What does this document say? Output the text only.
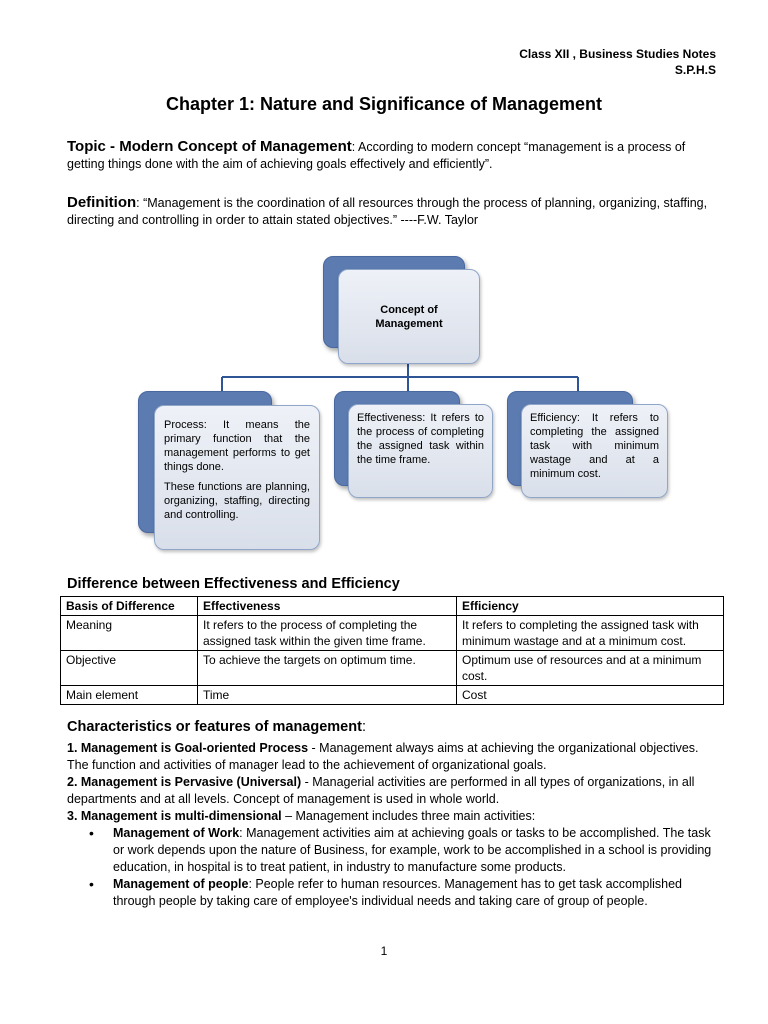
Class XII , Business Studies Notes
S.P.H.S
Chapter 1: Nature and Significance of Management
Topic - Modern Concept of Management: According to modern concept “management is a process of getting things done with the aim of achieving goals effectively and efficiently”.
Definition: “Management is the coordination of all resources through the process of planning, organizing, staffing, directing and controlling in order to attain stated objectives.” ----F.W. Taylor
Concept of Management

Process: It means the primary function that the management performs to get things done.

These functions are planning, organizing, staffing, directing and controlling.

Effectiveness: It refers to the process of completing the assigned task within the time frame.
Efficiency: It refers to completing the assigned task with minimum wastage and at a minimum cost.
Difference between Effectiveness and Efficiency
Basis of Difference	Effectiveness	Efficiency
Meaning	It refers to the process of completing the assigned task within the given time frame.	It refers to completing the assigned task with minimum wastage and at a minimum cost.
Objective	To achieve the targets on optimum time.	Optimum use of resources and at a minimum cost.
Main element	Time	Cost
Characteristics or features of management:
1. Management is Goal-oriented Process - Management always aims at achieving the organizational objectives. The function and activities of manager lead to the achievement of organizational goals.
2. Management is Pervasive (Universal) - Managerial activities are performed in all types of organizations, in all departments and at all levels. Concept of management is used in whole world.
3. Management is multi-dimensional – Management includes three main activities:
• Management of Work: Management activities aim at achieving goals or tasks to be accomplished. The task or work depends upon the nature of Business, for example, work to be accomplished in a school is providing education, in hospital is to treat patient, in industry to manufacture some products.
• Management of people: People refer to human resources. Management has to get task accomplished through people by taking care of employee's individual needs and taking care of group of people.
1
